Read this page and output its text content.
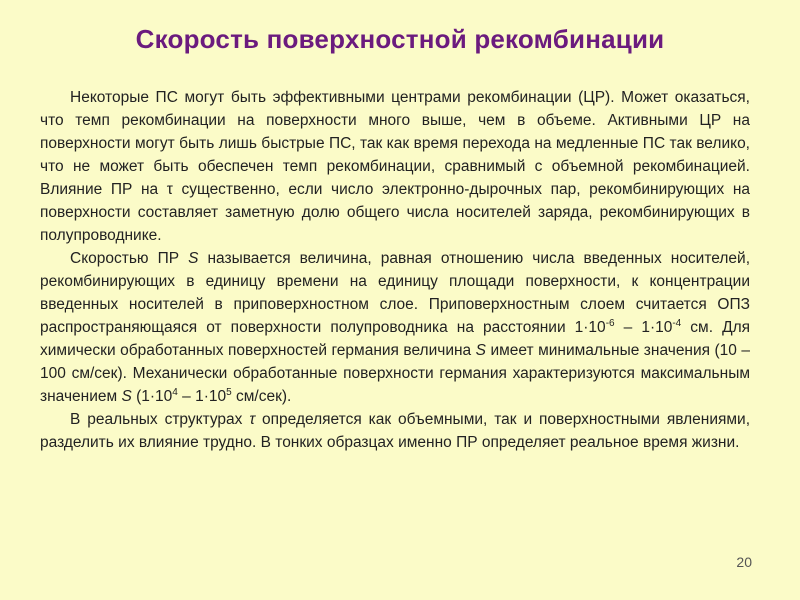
Скорость поверхностной рекомбинации

Некоторые ПС могут быть эффективными центрами рекомбинации (ЦР). Может оказаться, что темп рекомбинации на поверхности много выше, чем в объеме. Активными ЦР на поверхности могут быть лишь быстрые ПС, так как время перехода на медленные ПС так велико, что не может быть обеспечен темп рекомбинации, сравнимый с объемной рекомбинацией. Влияние ПР на τ существенно, если число электронно-дырочных пар, рекомбинирующих на поверхности составляет заметную долю общего числа носителей заряда, рекомбинирующих в полупроводнике.

Скоростью ПР S называется величина, равная отношению числа введенных носителей, рекомбинирующих в единицу времени на единицу площади поверхности, к концентрации введенных носителей в приповерхностном слое. Приповерхностным слоем считается ОПЗ распространяющаяся от поверхности полупроводника на расстоянии $1\cdot 10^{-6} - 1\cdot 10^{-4}$ см. Для химически обработанных поверхностей германия величина S имеет минимальные значения (10 – 100 см/сек). Механически обработанные поверхности германия характеризуются максимальным значением S ($1\cdot 10^4 - 1\cdot 10^5$ см/сек).

В реальных структурах τ определяется как объемными, так и поверхностными явлениями, разделить их влияние трудно. В тонких образцах именно ПР определяет реальное время жизни.

20
